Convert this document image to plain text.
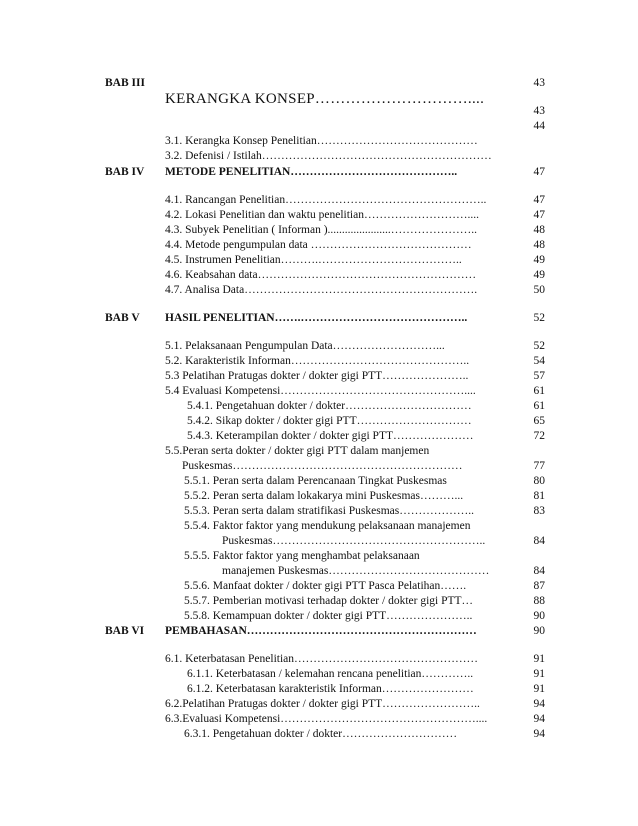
BAB III
BAB IV
BAB V
BAB VI
KERANGKA KONSEP…………………………....
3.1. Kerangka Konsep Penelitian……………………………………
3.2. Defenisi / Istilah……………………………………………………
METODE PENELITIAN……………………………………..
4.1. Rancangan Penelitian……………………………………………..
4.2. Lokasi Penelitian dan waktu penelitian………………………....
4.3. Subyek Penelitian ( Informan )......................…………………..
4.4. Metode pengumpulan data ……………………………………
4.5. Instrumen Penelitian……….………………………………..
4.6. Keabsahan data…………………………………………………
4.7. Analisa Data…………………………………………………….
HASIL PENELITIAN…….……………………………………..
5.1. Pelaksanaan Pengumpulan Data………………………...
5.2. Karakteristik Informan………………………………………..
5.3 Pelatihan Pratugas dokter / dokter gigi PTT…………………..
5.4 Evaluasi Kompetensi…………………………………………....
5.4.1. Pengetahuan dokter / dokter……………………………
5.4.2. Sikap dokter / dokter gigi PTT…………………………
5.4.3. Keterampilan dokter / dokter gigi PTT…………………
5.5.Peran serta dokter / dokter gigi PTT dalam manjemen
Puskesmas……………………………………………………
5.5.1. Peran serta dalam Perencanaan Tingkat Puskesmas
5.5.2. Peran serta dalam lokakarya mini Puskesmas………...
5.5.3. Peran serta dalam stratifikasi Puskesmas………………..
5.5.4. Faktor faktor yang mendukung pelaksanaan manajemen
Puskesmas………………………………………………..
5.5.5. Faktor faktor yang menghambat pelaksanaan
manajemen Puskesmas……………………………………
5.5.6. Manfaat dokter / dokter gigi PTT Pasca Pelatihan…….
5.5.7. Pemberian motivasi terhadap dokter / dokter gigi PTT…
5.5.8. Kemampuan dokter / dokter gigi PTT…………………..
PEMBAHASAN……………………………………………………
6.1. Keterbatasan Penelitian…………………………………………
6.1.1. Keterbatasan / kelemahan rencana penelitian…………..
6.1.2. Keterbatasan karakteristik Informan……………………
6.2.Pelatihan Pratugas dokter / dokter gigi PTT……………………..
6.3.Evaluasi Kompetensi……………………………………………....
6.3.1. Pengetahuan dokter / dokter…………………………
43
43
44
47
47
47
48
48
49
49
50
52
52
54
57
61
61
65
72
77
80
81
83
84
84
87
88
90
90
91
91
91
94
94
94
